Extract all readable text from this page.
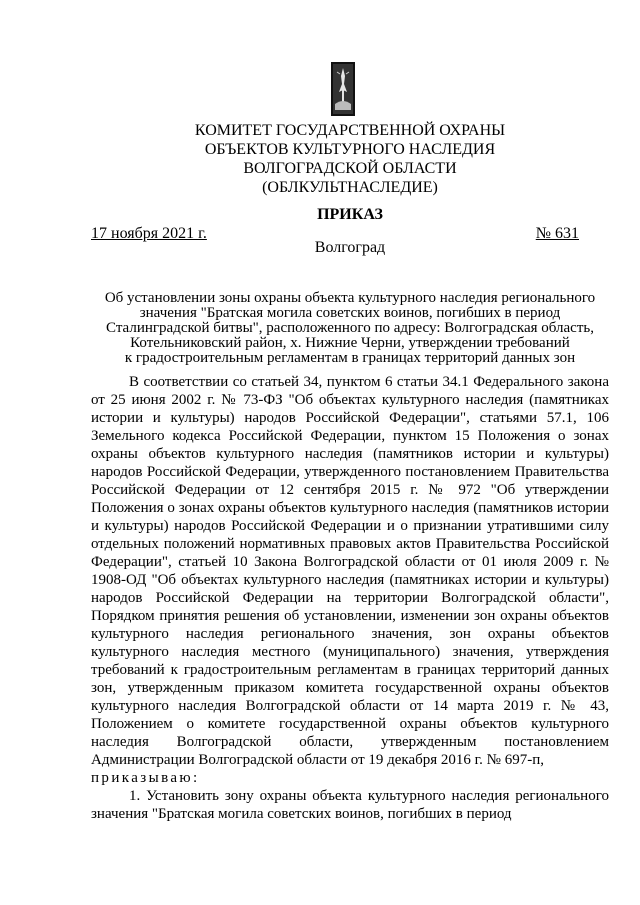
КОМИТЕТ ГОСУДАРСТВЕННОЙ ОХРАНЫ
ОБЪЕКТОВ КУЛЬТУРНОГО НАСЛЕДИЯ
ВОЛГОГРАДСКОЙ ОБЛАСТИ
(ОБЛКУЛЬТНАСЛЕДИЕ)
ПРИКАЗ
17 ноября 2021 г.	№ 631
Волгоград
Об установлении зоны охраны объекта культурного наследия регионального
значения "Братская могила советских воинов, погибших в период
Сталинградской битвы", расположенного по адресу: Волгоградская область,
Котельниковский район, х. Нижние Черни, утверждении требований
к градостроительным регламентам в границах территорий данных зон

В соответствии со статьей 34, пунктом 6 статьи 34.1 Федерального закона от 25 июня 2002 г. № 73-ФЗ "Об объектах культурного наследия (памятниках истории и культуры) народов Российской Федерации", статьями 57.1, 106 Земельного кодекса Российской Федерации, пунктом 15 Положения о зонах охраны объектов культурного наследия (памятников истории и культуры) народов Российской Федерации, утвержденного постановлением Правительства Российской Федерации от 12 сентября 2015 г. № 972 "Об утверждении Положения о зонах охраны объектов культурного наследия (памятников истории и культуры) народов Российской Федерации и о признании утратившими силу отдельных положений нормативных правовых актов Правительства Российской Федерации", статьей 10 Закона Волгоградской области от 01 июля 2009 г. № 1908-ОД "Об объектах культурного наследия (памятниках истории и культуры) народов Российской Федерации на территории Волгоградской области", Порядком принятия решения об установлении, изменении зон охраны объектов культурного наследия регионального значения, зон охраны объектов культурного наследия местного (муниципального) значения, утверждения требований к градостроительным регламентам в границах территорий данных зон, утвержденным приказом комитета государственной охраны объектов культурного наследия Волгоградской области от 14 марта 2019 г. № 43, Положением о комитете государственной охраны объектов культурного наследия Волгоградской области, утвержденным постановлением Администрации Волгоградской области от 19 декабря 2016 г. № 697-п,

приказываю:

1. Установить зону охраны объекта культурного наследия регионального значения "Братская могила советских воинов, погибших в период
